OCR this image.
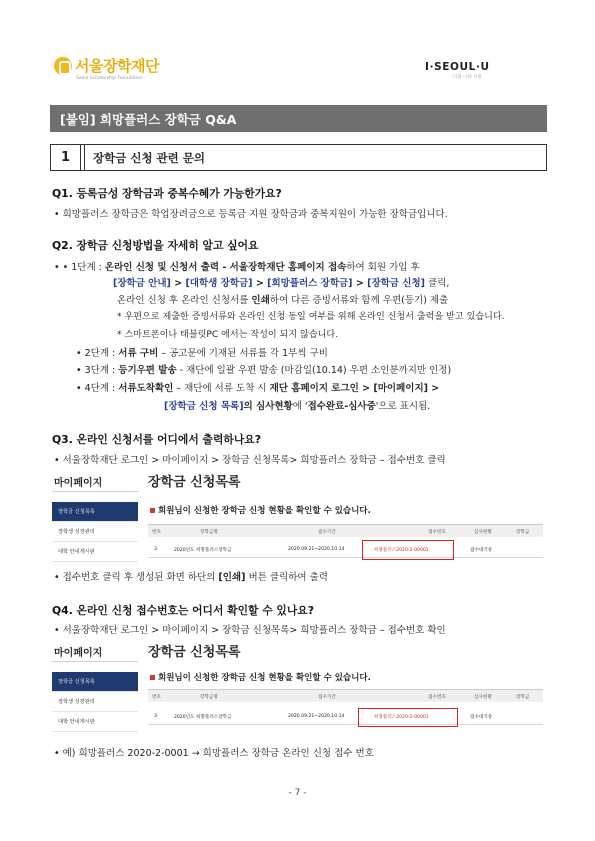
서울장학재단
Seoul Scholarship Foundation
I·SEOUL·U
너와 나의 서울
[붙임] 희망플러스 장학금 Q&A
1	장학금 신청 관련 문의
Q1. 등록금성 장학금과 중복수혜가 가능한가요?
• 희망플러스 장학금은 학업장려금으로 등록금 지원 장학금과 중복지원이 가능한 장학금입니다.
Q2. 장학금 신청방법을 자세히 알고 싶어요
• • 1단계 : 온라인 신청 및 신청서 출력 - 서울장학재단 홈페이지 접속하여 회원 가입 후
[장학금 안내] > [대학생 장학금] > [희망플러스 장학금] > [장학금 신청] 클릭,
온라인 신청 후 온라인 신청서를 인쇄하여 다른 증빙서류와 함께 우편(등기) 제출
* 우편으로 제출한 증빙서류와 온라인 신청 동일 여부를 위해 온라인 신청서 출력을 받고 있습니다.
* 스마트폰이나 태블릿PC 에서는 작성이 되지 않습니다.
• 2단계 : 서류 구비 – 공고문에 기재된 서류를 각 1부씩 구비
• 3단계 : 등기우편 발송 - 재단에 일괄 우편 발송 (마감일(10.14) 우편 소인분까지만 인정)
• 4단계 : 서류도착확인 – 재단에 서류 도착 시 재단 홈페이지 로그인 > [마이페이지] >
[장학금 신청 목록]의 심사현황에 '접수완료-심사중'으로 표시됨.
Q3. 온라인 신청서를 어디에서 출력하나요?
• 서울장학재단 로그인 > 마이페이지 > 장학금 신청목록> 희망플러스 장학금 – 접수번호 클릭
마이페이지
장학금 신청목록
장학생 성장관리
대학 안내게시판
장학금 신청목록
회원님이 신청한 장학금 신청 현황을 확인할 수 있습니다.
번호	장학금명	접수기간	접수번호	심사현황	장학금
3	2020년도 희망플러스장학금	2020.09.21~2020.10.14	희망플러스2020-2-00001	접수대기중
• 접수번호 클릭 후 생성된 화면 하단의 [인쇄] 버튼 클릭하여 출력
Q4. 온라인 신청 접수번호는 어디서 확인할 수 있나요?
• 서울장학재단 로그인 > 마이페이지 > 장학금 신청목록> 희망플러스 장학금 – 접수번호 확인
마이페이지
장학금 신청목록
장학생 성장관리
대학 안내게시판
장학금 신청목록
회원님이 신청한 장학금 신청 현황을 확인할 수 있습니다.
번호	장학금명	접수기간	접수번호	심사현황	장학금
3	2020년도 희망플러스장학금	2020.09.21~2020.10.14	희망플러스2020-2-00001	접수대기중
• 예) 희망플러스 2020-2-0001 → 희망플러스 장학금 온라인 신청 접수 번호
- 7 -
